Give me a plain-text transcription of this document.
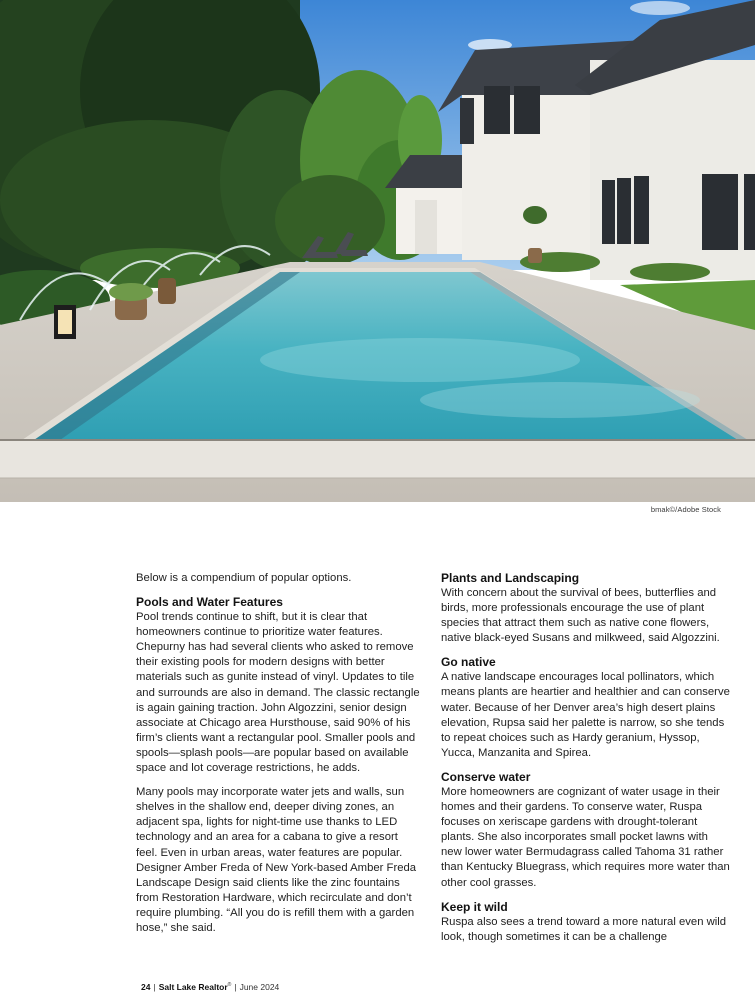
bmak©/Adobe Stock

Below is a compendium of popular options.

Pools and Water Features

Pool trends continue to shift, but it is clear that homeowners continue to prioritize water features. Chepurny has had several clients who asked to remove their existing pools for modern designs with better materials such as gunite instead of vinyl. Updates to tile and surrounds are also in demand. The classic rectangle is again gaining traction. John Algozzini, senior design associate at Chicago area Hursthouse, said 90% of his firm’s clients want a rectangular pool. Smaller pools and spools—splash pools—are popular based on available space and lot coverage restrictions, he adds.

Many pools may incorporate water jets and walls, sun shelves in the shallow end, deeper diving zones, an adjacent spa, lights for night-time use thanks to LED technology and an area for a cabana to give a resort feel. Even in urban areas, water features are popular. Designer Amber Freda of New York-based Amber Freda Landscape Design said clients like the zinc fountains from Restoration Hardware, which recirculate and don’t require plumbing. “All you do is refill them with a garden hose,” she said.

Plants and Landscaping

With concern about the survival of bees, butterflies and birds, more professionals encourage the use of plant species that attract them such as native cone flowers, native black-eyed Susans and milkweed, said Algozzini.

Go native

A native landscape encourages local pollinators, which means plants are heartier and healthier and can conserve water. Because of her Denver area’s high desert plains elevation, Rupsa said her palette is narrow, so she tends to repeat choices such as Hardy geranium, Hyssop, Yucca, Manzanita and Spirea.

Conserve water

More homeowners are cognizant of water usage in their homes and their gardens. To conserve water, Ruspa focuses on xeriscape gardens with drought-tolerant plants. She also incorporates small pocket lawns with new lower water Bermudagrass called Tahoma 31 rather than Kentucky Bluegrass, which requires more water than other cool grasses.

Keep it wild

Ruspa also sees a trend toward a more natural even wild look, though sometimes it can be a challenge

24 | Salt Lake Realtor® | June 2024
